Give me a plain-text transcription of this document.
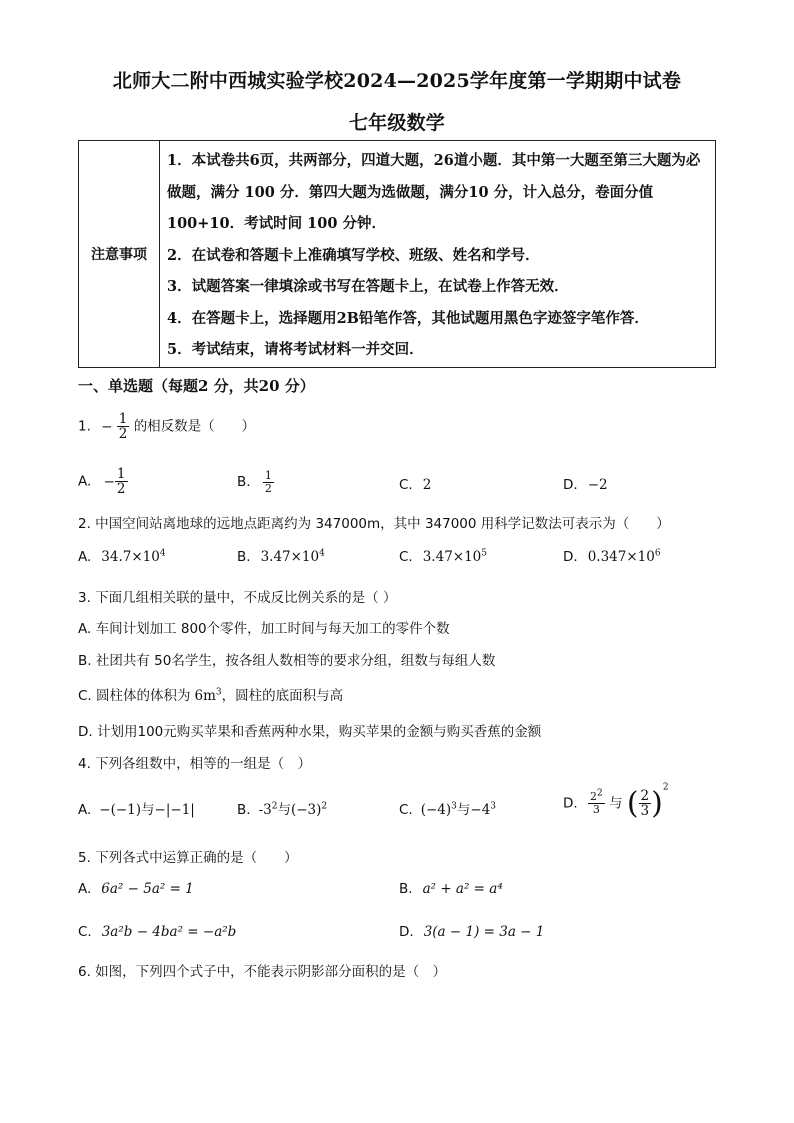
北师大二附中西城实验学校2024—2025学年度第一学期期中试卷
七年级数学
注意事项
1．本试卷共6页，共两部分，四道大题，26道小题．其中第一大题至第三大题为必做题，满分 100 分．第四大题为选做题，满分10 分，计入总分，卷面分值 100+10．考试时间 100 分钟．
2．在试卷和答题卡上准确填写学校、班级、姓名和学号．
3．试题答案一律填涂或书写在答题卡上，在试卷上作答无效．
4．在答题卡上，选择题用2B铅笔作答，其他试题用黑色字迹签字笔作答．
5．考试结束，请将考试材料一并交回．
一、单选题（每题2 分，共20 分）
1. − $\frac{1}{2}$ 的相反数是（　　）
A. − $\frac{1}{2}$	B. $\frac{1}{2}$	C. 2	D. −2
2. 中国空间站离地球的远地点距离约为 347000m，其中 347000 用科学记数法可表示为（　　）
A. $34.7\times 10^4$	B. $3.47\times 10^4$	C. $3.47\times 10^5$	D. $0.347\times 10^6$
3. 下面几组相关联的量中，不成反比例关系的是（ ）
A. 车间计划加工 800个零件，加工时间与每天加工的零件个数
B. 社团共有 50名学生，按各组人数相等的要求分组，组数与每组人数
C. 圆柱体的体积为 $6m^3$，圆柱的底面积与高
D. 计划用100元购买苹果和香蕉两种水果，购买苹果的金额与购买香蕉的金额
4. 下列各组数中，相等的一组是（　）
A. −(−1)与−|−1|	B. $-3^2$与$(-3)^2$	C. $(-4)^3$与$-4^3$	D. $\frac{2^2}{3}$ 与 ( $\frac{2}{3} )^2$
5. 下列各式中运算正确的是（　　）
A. 6a² − 5a² = 1	B. a² + a² = a⁴
C. 3a²b − 4ba² = −a²b	D. 3(a − 1) = 3a − 1
6. 如图，下列四个式子中，不能表示阴影部分面积的是（　）
